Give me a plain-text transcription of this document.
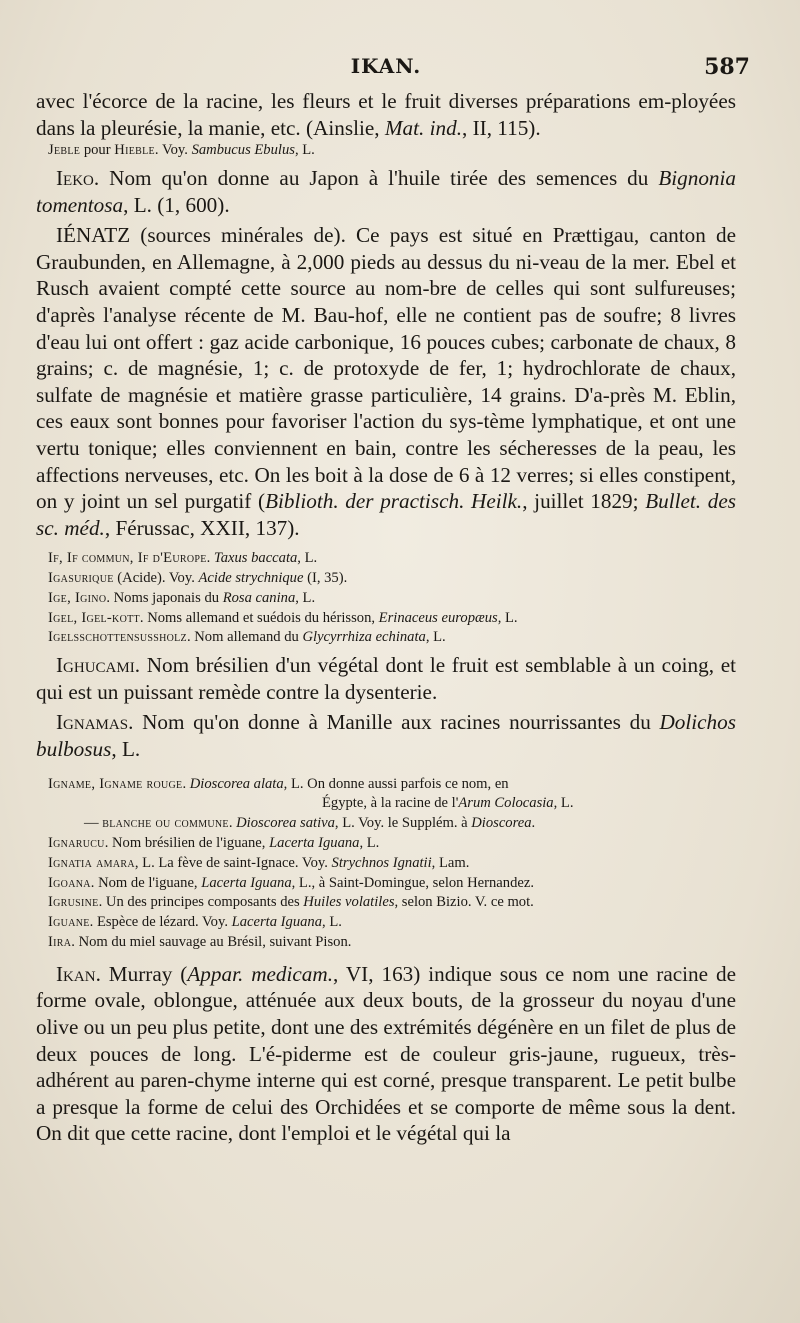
IKAN.	587

avec l'écorce de la racine, les fleurs et le fruit diverses préparations em-ployées dans la pleurésie, la manie, etc. (Ainslie, Mat. ind., II, 115).

Jeble pour Hieble. Voy. Sambucus Ebulus, L.

Ieko. Nom qu'on donne au Japon à l'huile tirée des semences du Bignonia tomentosa, L. (1, 600).

IÉNATZ (sources minérales de). Ce pays est situé en Prættigau, canton de Graubunden, en Allemagne, à 2,000 pieds au dessus du ni-veau de la mer. Ebel et Rusch avaient compté cette source au nom-bre de celles qui sont sulfureuses; d'après l'analyse récente de M. Bau-hof, elle ne contient pas de soufre; 8 livres d'eau lui ont offert : gaz acide carbonique, 16 pouces cubes; carbonate de chaux, 8 grains; c. de magnésie, 1; c. de protoxyde de fer, 1; hydrochlorate de chaux, sulfate de magnésie et matière grasse particulière, 14 grains. D'a-près M. Eblin, ces eaux sont bonnes pour favoriser l'action du sys-tème lymphatique, et ont une vertu tonique; elles conviennent en bain, contre les sécheresses de la peau, les affections nerveuses, etc. On les boit à la dose de 6 à 12 verres; si elles constipent, on y joint un sel purgatif (Biblioth. der practisch. Heilk., juillet 1829; Bullet. des sc. méd., Férussac, XXII, 137).

If, If commun, If d'Europe. Taxus baccata, L.

Igasurique (Acide). Voy. Acide strychnique (I, 35).

Ige, Igino. Noms japonais du Rosa canina, L.

Igel, Igel-kott. Noms allemand et suédois du hérisson, Erinaceus europæus, L.

Igelsschottensussholz. Nom allemand du Glycyrrhiza echinata, L.

Ighucami. Nom brésilien d'un végétal dont le fruit est semblable à un coing, et qui est un puissant remède contre la dysenterie.

Ignamas. Nom qu'on donne à Manille aux racines nourrissantes du Dolichos bulbosus, L.

Igname, Igname rouge. Dioscorea alata, L. On donne aussi parfois ce nom, en

Égypte, à la racine de l'Arum Colocasia, L.

— blanche ou commune. Dioscorea sativa, L. Voy. le Supplém. à Dioscorea.

Ignarucu. Nom brésilien de l'iguane, Lacerta Iguana, L.

Ignatia amara, L. La fève de saint-Ignace. Voy. Strychnos Ignatii, Lam.

Igoana. Nom de l'iguane, Lacerta Iguana, L., à Saint-Domingue, selon Hernandez.

Igrusine. Un des principes composants des Huiles volatiles, selon Bizio. V. ce mot.

Iguane. Espèce de lézard. Voy. Lacerta Iguana, L.

Iira. Nom du miel sauvage au Brésil, suivant Pison.

Ikan. Murray (Appar. medicam., VI, 163) indique sous ce nom une racine de forme ovale, oblongue, atténuée aux deux bouts, de la grosseur du noyau d'une olive ou un peu plus petite, dont une des extrémités dégénère en un filet de plus de deux pouces de long. L'é-piderme est de couleur gris-jaune, rugueux, très-adhérent au paren-chyme interne qui est corné, presque transparent. Le petit bulbe a presque la forme de celui des Orchidées et se comporte de même sous la dent. On dit que cette racine, dont l'emploi et le végétal qui la
